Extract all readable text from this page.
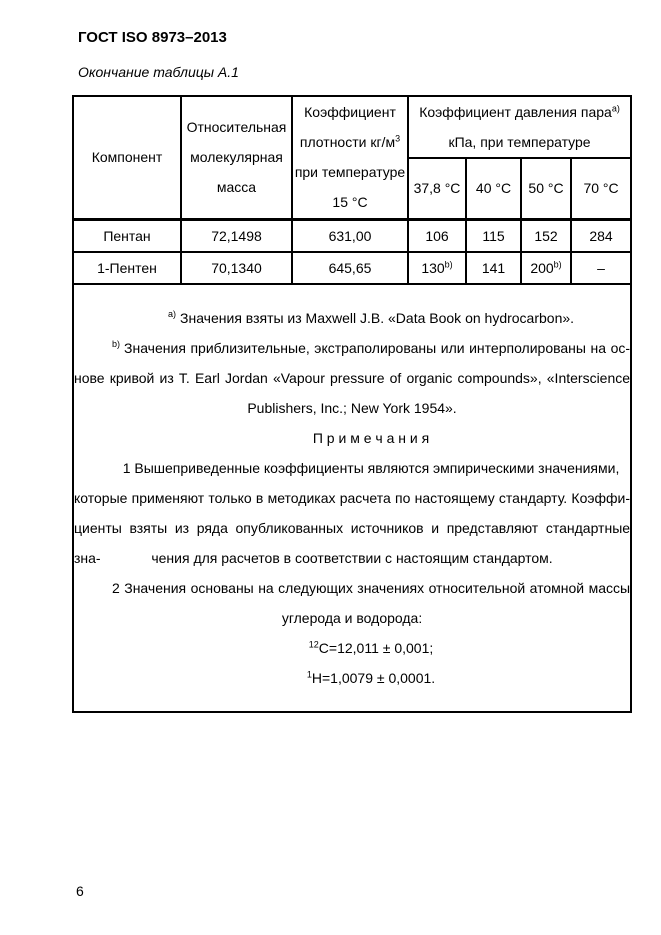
ГОСТ ISO 8973–2013
Окончание таблицы А.1
Компонент	
Относительная
молекулярная
масса

Коэффициент
плотности кг/м$^3$
при температуре
15 °С

Коэффициент давления пара$^{а)}$
кПа, при температуре

			37,8 °С	40 °С	50 °С	70 °С
Пентан	72,1498	631,00	106	115	152	284
1-Пентен	70,1340	645,65	130$^{b)}$	141	200$^{b)}$	–

$^{а)}$ Значения взяты из Maxwell J.B. «Data Book on hydrocarbon».
$^{b)}$ Значения приблизительные, экстраполированы или интерполированы на ос-
нове кривой из T. Earl Jordan «Vapour pressure of organic compounds», «Interscience
Publishers, Inc.; New York 1954».
П р и м е ч а н и я
1 Вышеприведенные коэффициенты являются эмпирическими значениями,
которые применяют только в методиках расчета по настоящему стандарту. Коэффи-
циенты взяты из ряда опубликованных источников и представляют стандартные зна-	чения для расчетов в соответствии с настоящим стандартом.
2 Значения основаны на следующих значениях относительной атомной массы
углерода и водорода:
$^{12}$С=12,011 ± 0,001;
$^1$Н=1,0079 ± 0,0001.
6
